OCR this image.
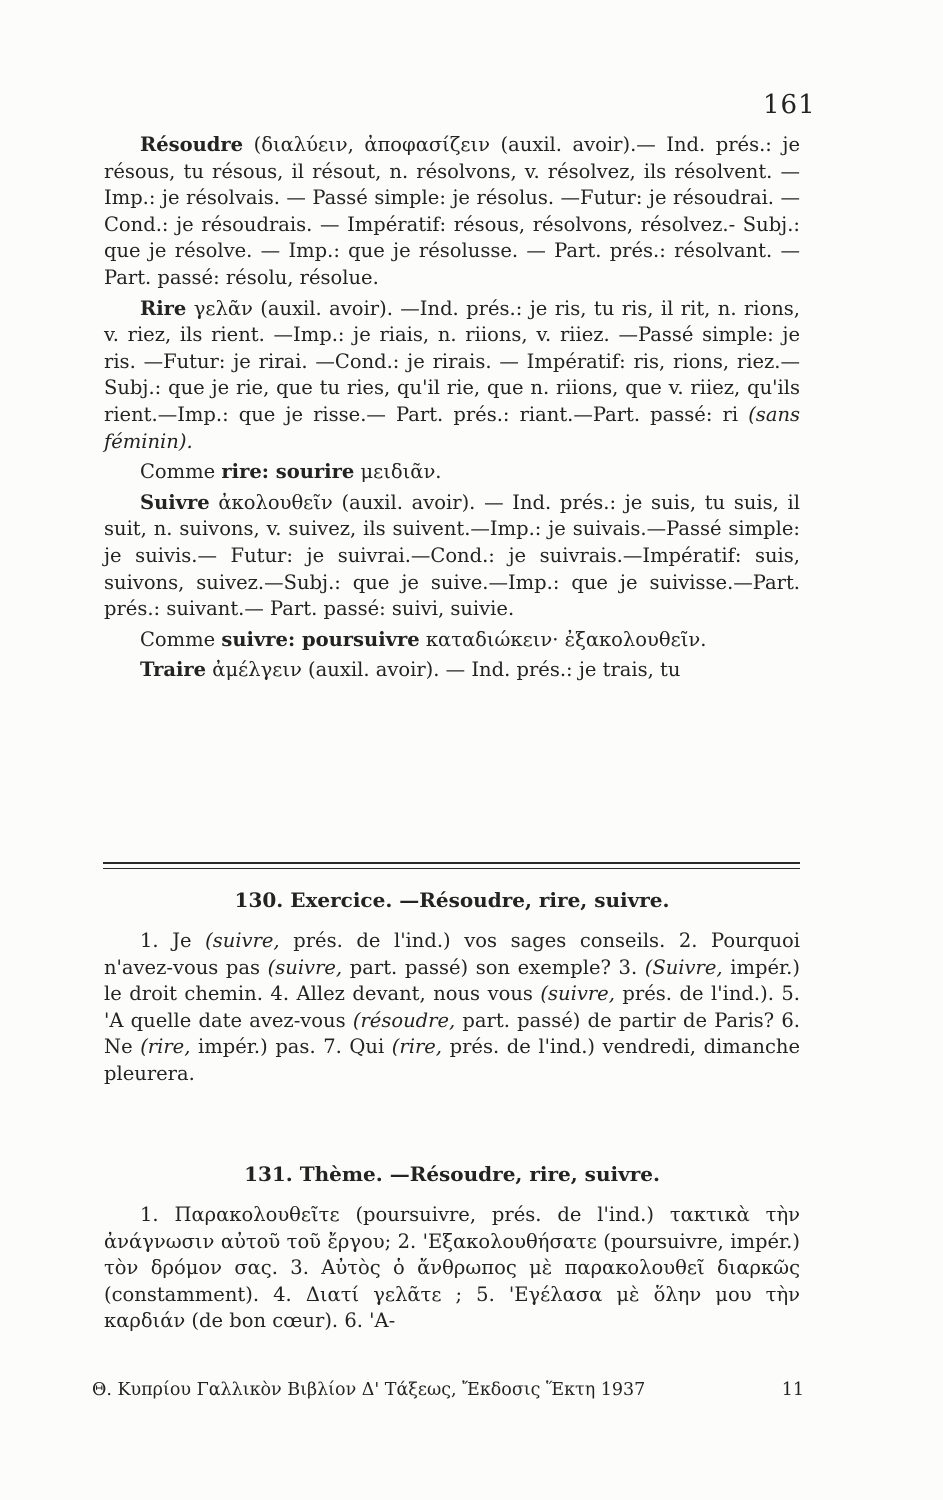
161

Résoudre (διαλύειν, ἀποφασίζειν (auxil. avoir).— Ind. prés.: je résous, tu résous, il résout, n. résolvons, v. résolvez, ils résolvent. — Imp.: je résolvais. — Passé simple: je résolus. —Futur: je résoudrai. — Cond.: je résoudrais. — Impératif: résous, résolvons, résolvez.- Subj.: que je résolve. — Imp.: que je résolusse. — Part. prés.: résolvant. — Part. passé: résolu, résolue.

Rire γελᾶν (auxil. avoir). —Ind. prés.: je ris, tu ris, il rit, n. rions, v. riez, ils rient. —Imp.: je riais, n. riions, v. riiez. —Passé simple: je ris. —Futur: je rirai. —Cond.: je rirais. — Impératif: ris, rions, riez.—Subj.: que je rie, que tu ries, qu'il rie, que n. riions, que v. riiez, qu'ils rient.—Imp.: que je risse.— Part. prés.: riant.—Part. passé: ri (sans féminin).

Comme rire: sourire μειδιᾶν.

Suivre ἀκολουθεῖν (auxil. avoir). — Ind. prés.: je suis, tu suis, il suit, n. suivons, v. suivez, ils suivent.—Imp.: je suivais.—Passé simple: je suivis.— Futur: je suivrai.—Cond.: je suivrais.—Impératif: suis, suivons, suivez.—Subj.: que je suive.—Imp.: que je suivisse.—Part. prés.: suivant.— Part. passé: suivi, suivie.

Comme suivre: poursuivre καταδιώκειν· ἐξακολουθεῖν.

Traire ἀμέλγειν (auxil. avoir). — Ind. prés.: je trais, tu

130. Exercice. —Résoudre, rire, suivre.

1. Je (suivre, prés. de l'ind.) vos sages conseils. 2. Pourquoi n'avez-vous pas (suivre, part. passé) son exemple? 3. (Suivre, impér.) le droit chemin. 4. Allez devant, nous vous (suivre, prés. de l'ind.). 5. 'A quelle date avez-vous (résoudre, part. passé) de partir de Paris? 6. Ne (rire, impér.) pas. 7. Qui (rire, prés. de l'ind.) vendredi, dimanche pleurera.

131. Thème. —Résoudre, rire, suivre.

1. Παρακολουθεῖτε (poursuivre, prés. de l'ind.) τακτικὰ τὴν ἀνάγνωσιν αὐτοῦ τοῦ ἔργου; 2. 'Εξακολουθήσατε (poursuivre, impér.) τὸν δρόμον σας. 3. Αὐτὸς ὁ ἄνθρωπος μὲ παρακολουθεῖ διαρκῶς (constamment). 4. Διατί γελᾶτε ; 5. 'Εγέλασα μὲ ὅλην μου τὴν καρδιάν (de bon cœur). 6. 'Α-

Θ. Κυπρίου Γαλλικὸν Βιβλίον Δ' Τάξεως, Ἔκδοσις Ἕκτη 1937	11
